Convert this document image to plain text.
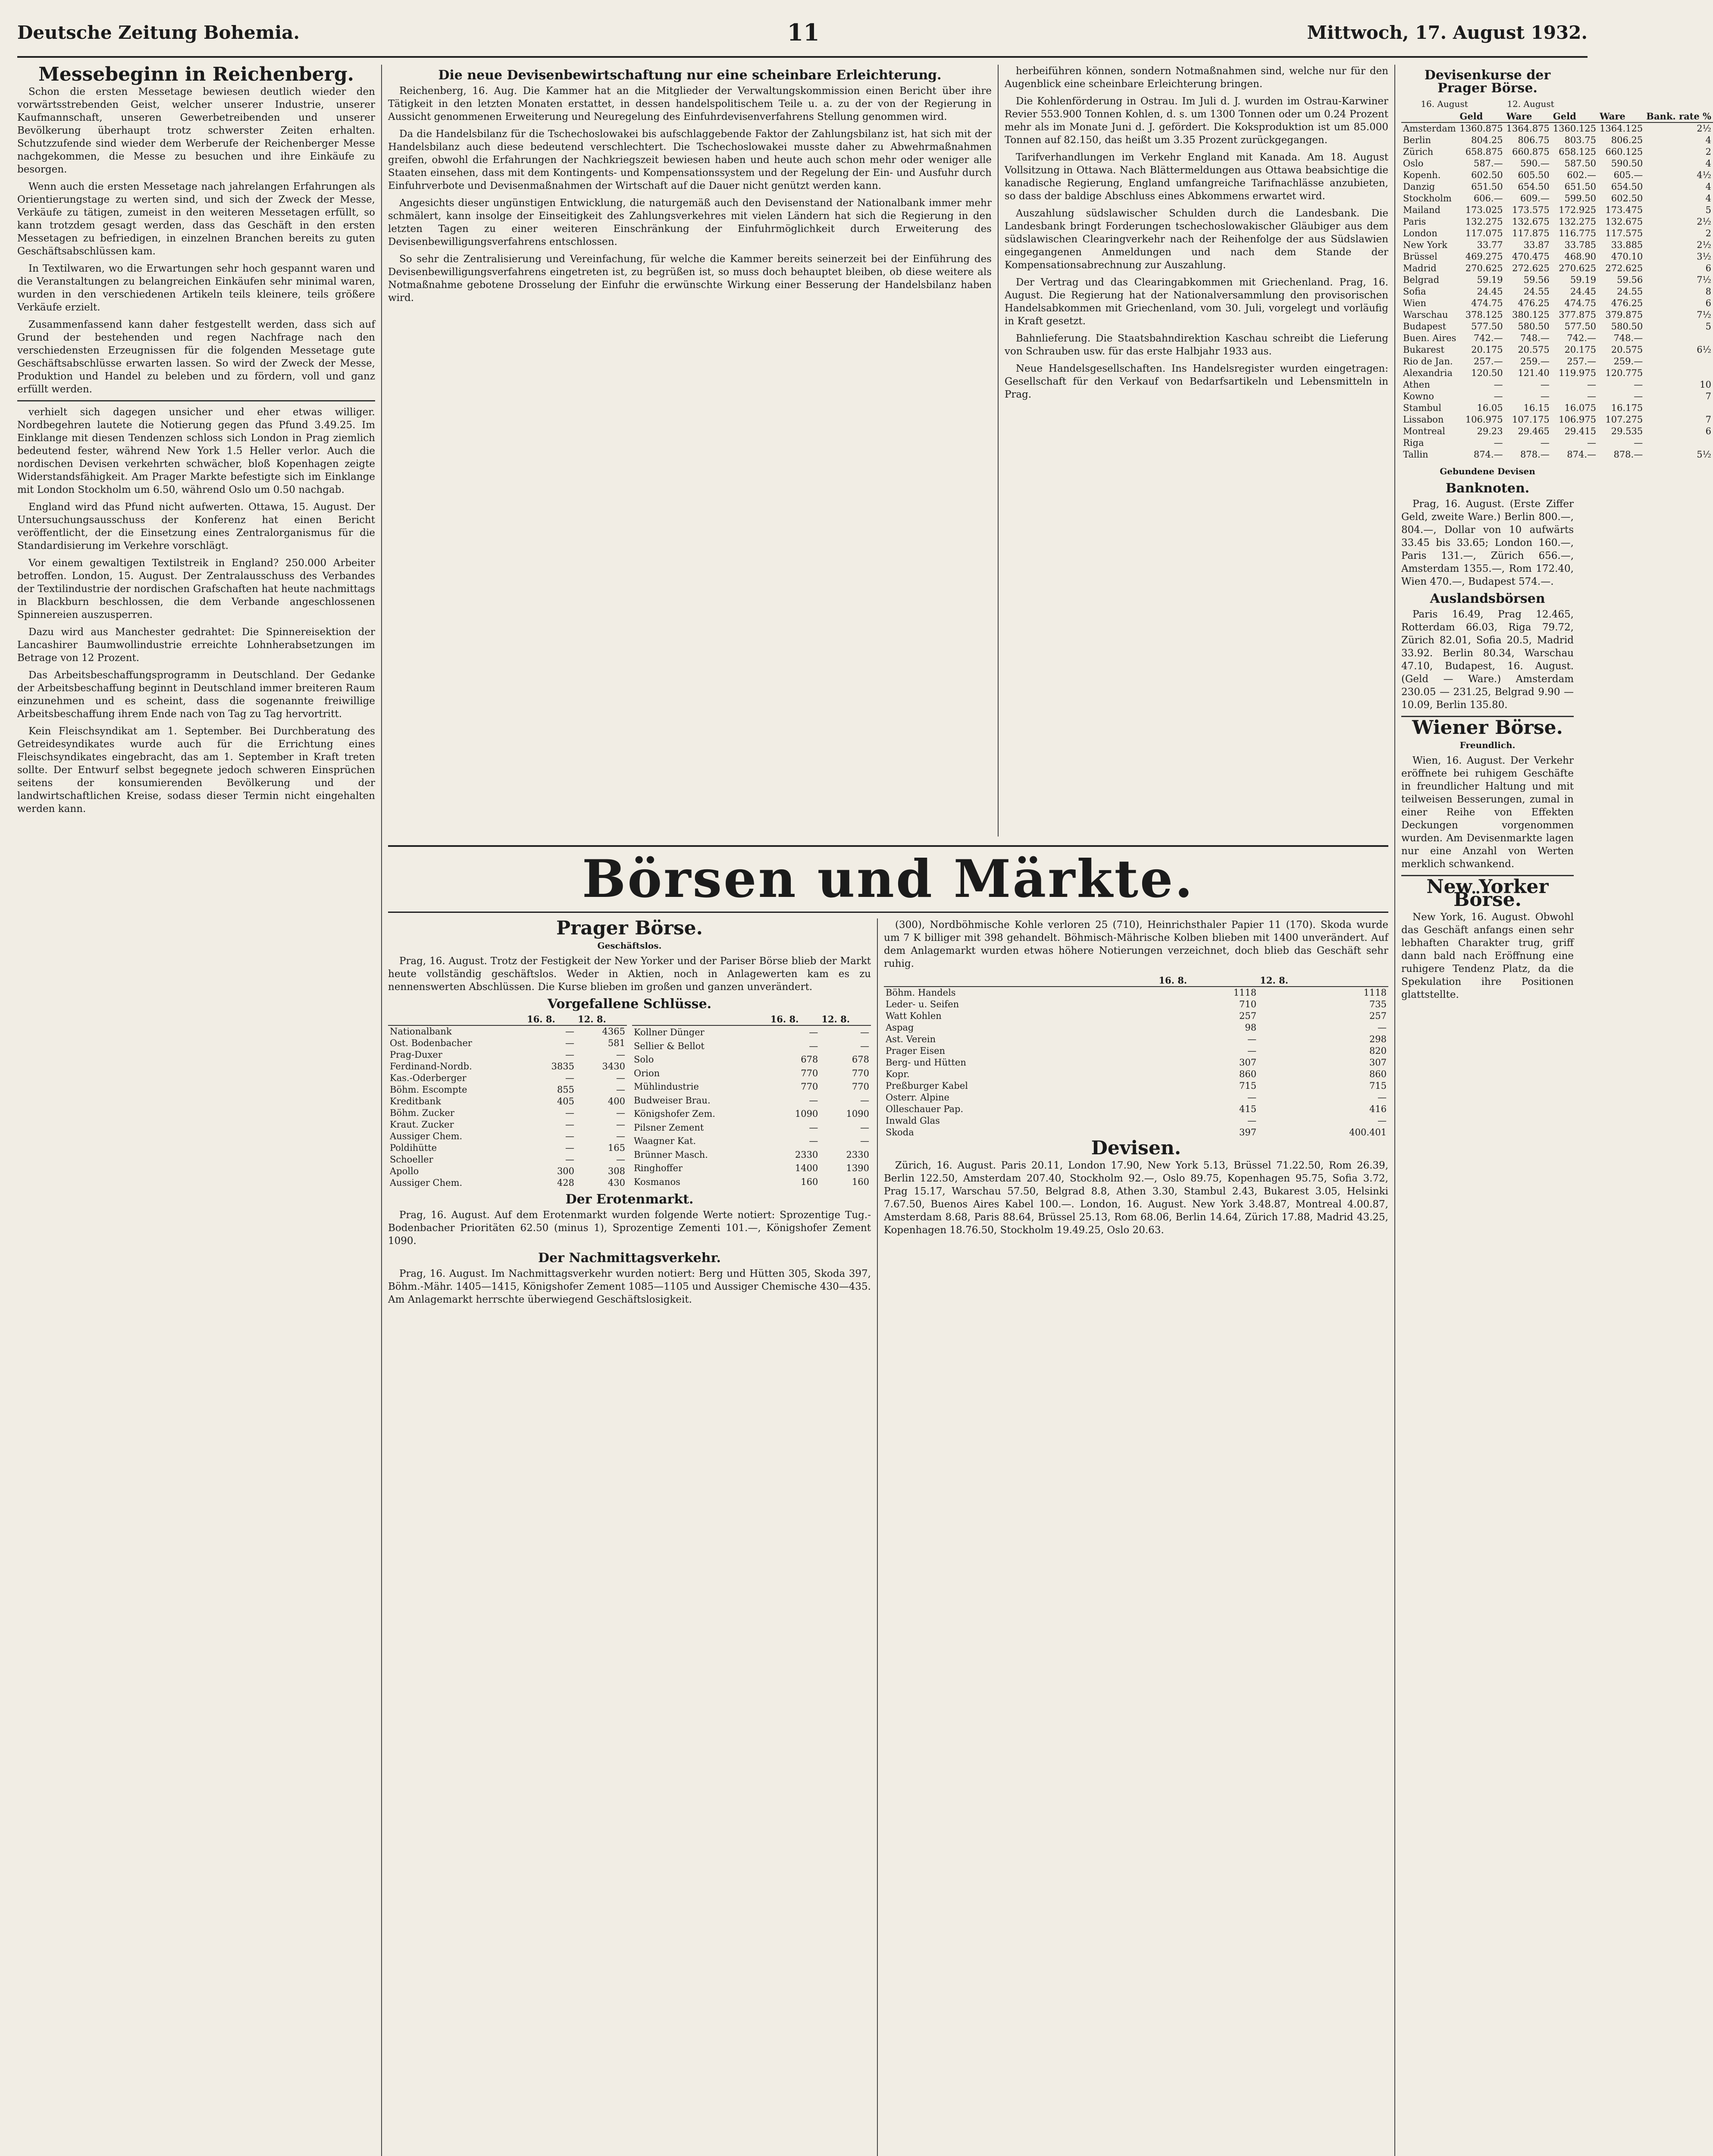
Deutsche Zeitung Bohemia.	11	Mittwoch, 17. August 1932.
Messebeginn in Reichenberg.

Schon die ersten Messetage bewiesen deutlich wieder den vorwärtsstrebenden Geist, welcher unserer Industrie, unserer Kaufmannschaft, unseren Gewerbetreibenden und unserer Bevölkerung überhaupt trotz schwerster Zeiten erhalten. Schutzzufende sind wieder dem Werberufe der Reichenberger Messe nachgekommen, die Messe zu besuchen und ihre Einkäufe zu besorgen.

Wenn auch die ersten Messetage nach jahrelangen Erfahrungen als Orientierungstage zu werten sind, und sich der Zweck der Messe, Verkäufe zu tätigen, zumeist in den weiteren Messetagen erfüllt, so kann trotzdem gesagt werden, dass das Geschäft in den ersten Messetagen zu befriedigen, in einzelnen Branchen bereits zu guten Geschäftsabschlüssen kam.

In Textilwaren, wo die Erwartungen sehr hoch gespannt waren und die Veranstaltungen zu belangreichen Einkäufen sehr minimal waren, wurden in den verschiedenen Artikeln teils kleinere, teils größere Verkäufe erzielt.

Zusammenfassend kann daher festgestellt werden, dass sich auf Grund der bestehenden und regen Nachfrage nach den verschiedensten Erzeugnissen für die folgenden Messetage gute Geschäftsabschlüsse erwarten lassen. So wird der Zweck der Messe, Produktion und Handel zu beleben und zu fördern, voll und ganz erfüllt werden.

verhielt sich dagegen unsicher und eher etwas williger. Nordbegehren lautete die Notierung gegen das Pfund 3.49.25. Im Einklange mit diesen Tendenzen schloss sich London in Prag ziemlich bedeutend fester, während New York 1.5 Heller verlor. Auch die nordischen Devisen verkehrten schwächer, bloß Kopenhagen zeigte Widerstandsfähigkeit. Am Prager Markte befestigte sich im Einklange mit London Stockholm um 6.50, während Oslo um 0.50 nachgab.

England wird das Pfund nicht aufwerten. Ottawa, 15. August. Der Untersuchungsausschuss der Konferenz hat einen Bericht veröffentlicht, der die Einsetzung eines Zentralorganismus für die Standardisierung im Verkehre vorschlägt.

Vor einem gewaltigen Textilstreik in England? 250.000 Arbeiter betroffen. London, 15. August. Der Zentralausschuss des Verbandes der Textilindustrie der nordischen Grafschaften hat heute nachmittags in Blackburn beschlossen, die dem Verbande angeschlossenen Spinnereien auszusperren.

Dazu wird aus Manchester gedrahtet: Die Spinnereisektion der Lancashirer Baumwollindustrie erreichte Lohnherabsetzungen im Betrage von 12 Prozent.

Das Arbeitsbeschaffungsprogramm in Deutschland. Der Gedanke der Arbeitsbeschaffung beginnt in Deutschland immer breiteren Raum einzunehmen und es scheint, dass die sogenannte freiwillige Arbeitsbeschaffung ihrem Ende nach von Tag zu Tag hervortritt.

Kein Fleischsyndikat am 1. September. Bei Durchberatung des Getreidesyndikates wurde auch für die Errichtung eines Fleischsyndikates eingebracht, das am 1. September in Kraft treten sollte. Der Entwurf selbst begegnete jedoch schweren Einsprüchen seitens der konsumierenden Bevölkerung und der landwirtschaftlichen Kreise, sodass dieser Termin nicht eingehalten werden kann.

Die neue Devisenbewirtschaftung nur eine scheinbare Erleichterung.

Reichenberg, 16. Aug. Die Kammer hat an die Mitglieder der Verwaltungskommission einen Bericht über ihre Tätigkeit in den letzten Monaten erstattet, in dessen handelspolitischem Teile u. a. zu der von der Regierung in Aussicht genommenen Erweiterung und Neuregelung des Einfuhrdevisenverfahrens Stellung genommen wird.

Da die Handelsbilanz für die Tschechoslowakei bis aufschlaggebende Faktor der Zahlungsbilanz ist, hat sich mit der Handelsbilanz auch diese bedeutend verschlechtert. Die Tschechoslowakei musste daher zu Abwehrmaßnahmen greifen, obwohl die Erfahrungen der Nachkriegszeit bewiesen haben und heute auch schon mehr oder weniger alle Staaten einsehen, dass mit dem Kontingents- und Kompensationssystem und der Regelung der Ein- und Ausfuhr durch Einfuhrverbote und Devisenmaßnahmen der Wirtschaft auf die Dauer nicht genützt werden kann.

Angesichts dieser ungünstigen Entwicklung, die naturgemäß auch den Devisenstand der Nationalbank immer mehr schmälert, kann insolge der Einseitigkeit des Zahlungsverkehres mit vielen Ländern hat sich die Regierung in den letzten Tagen zu einer weiteren Einschränkung der Einfuhrmöglichkeit durch Erweiterung des Devisenbewilligungsverfahrens entschlossen.

So sehr die Zentralisierung und Vereinfachung, für welche die Kammer bereits seinerzeit bei der Einführung des Devisenbewilligungsverfahrens eingetreten ist, zu begrüßen ist, so muss doch behauptet bleiben, ob diese weitere als Notmaßnahme gebotene Drosselung der Einfuhr die erwünschte Wirkung einer Besserung der Handelsbilanz haben wird.

herbeiführen können, sondern Notmaßnahmen sind, welche nur für den Augenblick eine scheinbare Erleichterung bringen.

Die Kohlenförderung in Ostrau. Im Juli d. J. wurden im Ostrau-Karwiner Revier 553.900 Tonnen Kohlen, d. s. um 1300 Tonnen oder um 0.24 Prozent mehr als im Monate Juni d. J. gefördert. Die Koksproduktion ist um 85.000 Tonnen auf 82.150, das heißt um 3.35 Prozent zurückgegangen.

Tarifverhandlungen im Verkehr England mit Kanada. Am 18. August Vollsitzung in Ottawa. Nach Blättermeldungen aus Ottawa beabsichtige die kanadische Regierung, England umfangreiche Tarifnachlässe anzubieten, so dass der baldige Abschluss eines Abkommens erwartet wird.

Auszahlung südslawischer Schulden durch die Landesbank. Die Landesbank bringt Forderungen tschechoslowakischer Gläubiger aus dem südslawischen Clearingverkehr nach der Reihenfolge der aus Südslawien eingegangenen Anmeldungen und nach dem Stande der Kompensationsabrechnung zur Auszahlung.

Der Vertrag und das Clearingabkommen mit Griechenland. Prag, 16. August. Die Regierung hat der Nationalversammlung den provisorischen Handelsabkommen mit Griechenland, vom 30. Juli, vorgelegt und vorläufig in Kraft gesetzt.

Bahnlieferung. Die Staatsbahndirektion Kaschau schreibt die Lieferung von Schrauben usw. für das erste Halbjahr 1933 aus.

Neue Handelsgesellschaften. Ins Handelsregister wurden eingetragen: Gesellschaft für den Verkauf von Bedarfsartikeln und Lebensmitteln in Prag.

Devisenkurse der Prager Börse.
16. August	12. August
	Geld	Ware	Geld	Ware	Bank. rate %
Amsterdam	1360.875	1364.875	1360.125	1364.125	2½
Berlin	804.25	806.75	803.75	806.25	4
Zürich	658.875	660.875	658.125	660.125	2
Oslo	587.—	590.—	587.50	590.50	4
Kopenh.	602.50	605.50	602.—	605.—	4½
Danzig	651.50	654.50	651.50	654.50	4
Stockholm	606.—	609.—	599.50	602.50	4
Mailand	173.025	173.575	172.925	173.475	5
Paris	132.275	132.675	132.275	132.675	2½
London	117.075	117.875	116.775	117.575	2
New York	33.77	33.87	33.785	33.885	2½
Brüssel	469.275	470.475	468.90	470.10	3½
Madrid	270.625	272.625	270.625	272.625	6
Belgrad	59.19	59.56	59.19	59.56	7½
Sofia	24.45	24.55	24.45	24.55	8
Wien	474.75	476.25	474.75	476.25	6
Warschau	378.125	380.125	377.875	379.875	7½
Budapest	577.50	580.50	577.50	580.50	5
Buen. Aires	742.—	748.—	742.—	748.—	
Bukarest	20.175	20.575	20.175	20.575	6½
Rio de Jan.	257.—	259.—	257.—	259.—	
Alexandria	120.50	121.40	119.975	120.775	
Athen	—	—	—	—	10
Kowno	—	—	—	—	7
Stambul	16.05	16.15	16.075	16.175	
Lissabon	106.975	107.175	106.975	107.275	7
Montreal	29.23	29.465	29.415	29.535	6
Riga	—	—	—	—	
Tallin	874.—	878.—	874.—	878.—	5½
Gebundene Devisen
Banknoten.

Prag, 16. August. (Erste Ziffer Geld, zweite Ware.) Berlin 800.—, 804.—, Dollar von 10 aufwärts 33.45 bis 33.65; London 160.—, Paris 131.—, Zürich 656.—, Amsterdam 1355.—, Rom 172.40, Wien 470.—, Budapest 574.—.

Auslandsbörsen

Paris 16.49, Prag 12.465, Rotterdam 66.03, Riga 79.72, Zürich 82.01, Sofia 20.5, Madrid 33.92. Berlin 80.34, Warschau 47.10, Budapest, 16. August. (Geld — Ware.) Amsterdam 230.05 — 231.25, Belgrad 9.90 — 10.09, Berlin 135.80.

Wiener Börse.
Freundlich.

Wien, 16. August. Der Verkehr eröffnete bei ruhigem Geschäfte in freundlicher Haltung und mit teilweisen Besserungen, zumal in einer Reihe von Effekten Deckungen vorgenommen wurden. Am Devisenmarkte lagen nur eine Anzahl von Werten merklich schwankend.

New Yorker Börse.

New York, 16. August. Obwohl das Geschäft anfangs einen sehr lebhaften Charakter trug, griff dann bald nach Eröffnung eine ruhigere Tendenz Platz, da die Spekulation ihre Positionen glattstellte.

Börsen und Märkte.
Prager Börse.
Geschäftslos.

Prag, 16. August. Trotz der Festigkeit der New Yorker und der Pariser Börse blieb der Markt heute vollständig geschäftslos. Weder in Aktien, noch in Anlagewerten kam es zu nennenswerten Abschlüssen. Die Kurse blieben im großen und ganzen unverändert.

Vorgefallene Schlüsse.
	16. 8.	12. 8.
Nationalbank	—	4365
Ost. Bodenbacher	—	581
Prag-Duxer	—	—
Ferdinand-Nordb.	3835	3430
Kas.-Oderberger	—	—
Böhm. Escompte	855	—
Kreditbank	405	400
Böhm. Zucker	—	—
Kraut. Zucker	—	—
Aussiger Chem.	—	—
Poldihütte	—	165
Schoeller	—	—
Apollo	300	308
Aussiger Chem.	428	430
	16. 8.	12. 8.
Kollner Dünger	—	—
Sellier & Bellot	—	—
Solo	678	678
Orion	770	770
Mühlindustrie	770	770
Budweiser Brau.	—	—
Königshofer Zem.	1090	1090
Pilsner Zement	—	—
Waagner Kat.	—	—
Brünner Masch.	2330	2330
Ringhoffer	1400	1390
Kosmanos	160	160
Der Erotenmarkt.

Prag, 16. August. Auf dem Erotenmarkt wurden folgende Werte notiert: Sprozentige Tug.-Bodenbacher Prioritäten 62.50 (minus 1), Sprozentige Zementi 101.—, Königshofer Zement 1090.

Der Nachmittagsverkehr.

Prag, 16. August. Im Nachmittagsverkehr wurden notiert: Berg und Hütten 305, Skoda 397, Böhm.-Mähr. 1405—1415, Königshofer Zement 1085—1105 und Aussiger Chemische 430—435. Am Anlagemarkt herrschte überwiegend Geschäftslosigkeit.

(300), Nordböhmische Kohle verloren 25 (710), Heinrichsthaler Papier 11 (170). Skoda wurde um 7 K billiger mit 398 gehandelt. Böhmisch-Mährische Kolben blieben mit 1400 unverändert. Auf dem Anlagemarkt wurden etwas höhere Notierungen verzeichnet, doch blieb das Geschäft sehr ruhig.

	16. 8.	12. 8.
Böhm. Handels	1118	1118
Leder- u. Seifen	710	735
Watt Kohlen	257	257
Aspag	98	—
Ast. Verein	—	298
Prager Eisen	—	820
Berg- und Hütten	307	307
Kopr.	860	860
Preßburger Kabel	715	715
Osterr. Alpine	—	—
Olleschauer Pap.	415	416
Inwald Glas	—	—
Skoda	397	400.401
Devisen.

Zürich, 16. August. Paris 20.11, London 17.90, New York 5.13, Brüssel 71.22.50, Rom 26.39, Berlin 122.50, Amsterdam 207.40, Stockholm 92.—, Oslo 89.75, Kopenhagen 95.75, Sofia 3.72, Prag 15.17, Warschau 57.50, Belgrad 8.8, Athen 3.30, Stambul 2.43, Bukarest 3.05, Helsinki 7.67.50, Buenos Aires Kabel 100.—. London, 16. August. New York 3.48.87, Montreal 4.00.87, Amsterdam 8.68, Paris 88.64, Brüssel 25.13, Rom 68.06, Berlin 14.64, Zürich 17.88, Madrid 43.25, Kopenhagen 18.76.50, Stockholm 19.49.25, Oslo 20.63.
